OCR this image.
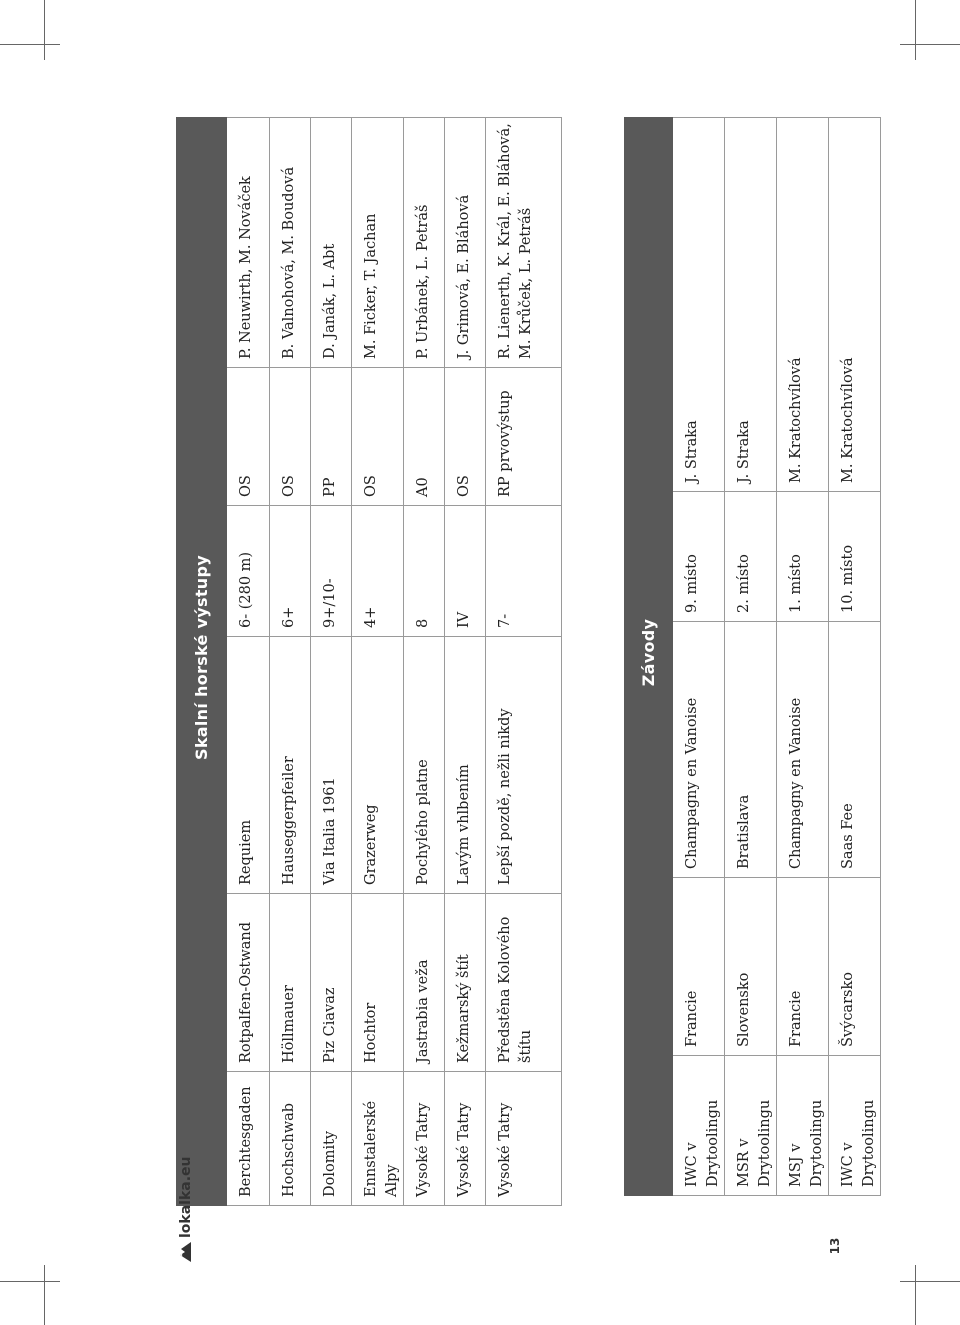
Skalní horské výstupy					
Berchtesgaden	Rotpalfen-Ostwand	Requiem	6- (280 m)	OS	P. Neuwirth, M. Nováček
Hochschwab	Höllmauer	Hauseggerpfeiler	6+	OS	B. Valnohová, M. Boudová
Dolomity	Piz Ciavaz	Via Italia 1961	9+/10-	PP	D. Janák, L. Abt
Ennstalerské Alpy	Hochtor	Grazerweg	4+	OS	M. Ficker, T. Jachan
Vysoké Tatry	Jastrabia veža	Pochylého platne	8	A0	P. Urbánek, L. Petráš
Vysoké Tatry	Kežmarský štít	Lavým vhlbením	IV	OS	J. Grimová, E. Bláhová
Vysoké Tatry	Předstěna Kolového štítu	Lepší pozdě, nežli nikdy	7-	RP prvovýstup	R. Lienerth, K. Král, E. Bláhová, M. Krůček, L. Petráš
Závody				
IWC v Drytoolingu	Francie	Champagny en Vanoise	9. místo	J. Straka
MSR v Drytoolingu	Slovensko	Bratislava	2. místo	J. Straka
MSJ v Drytoolingu	Francie	Champagny en Vanoise	1. místo	M. Kratochvílová
IWC v Drytoolingu	Švýcarsko	Saas Fee	10. místo	M. Kratochvílová
lokalka.eu
13
